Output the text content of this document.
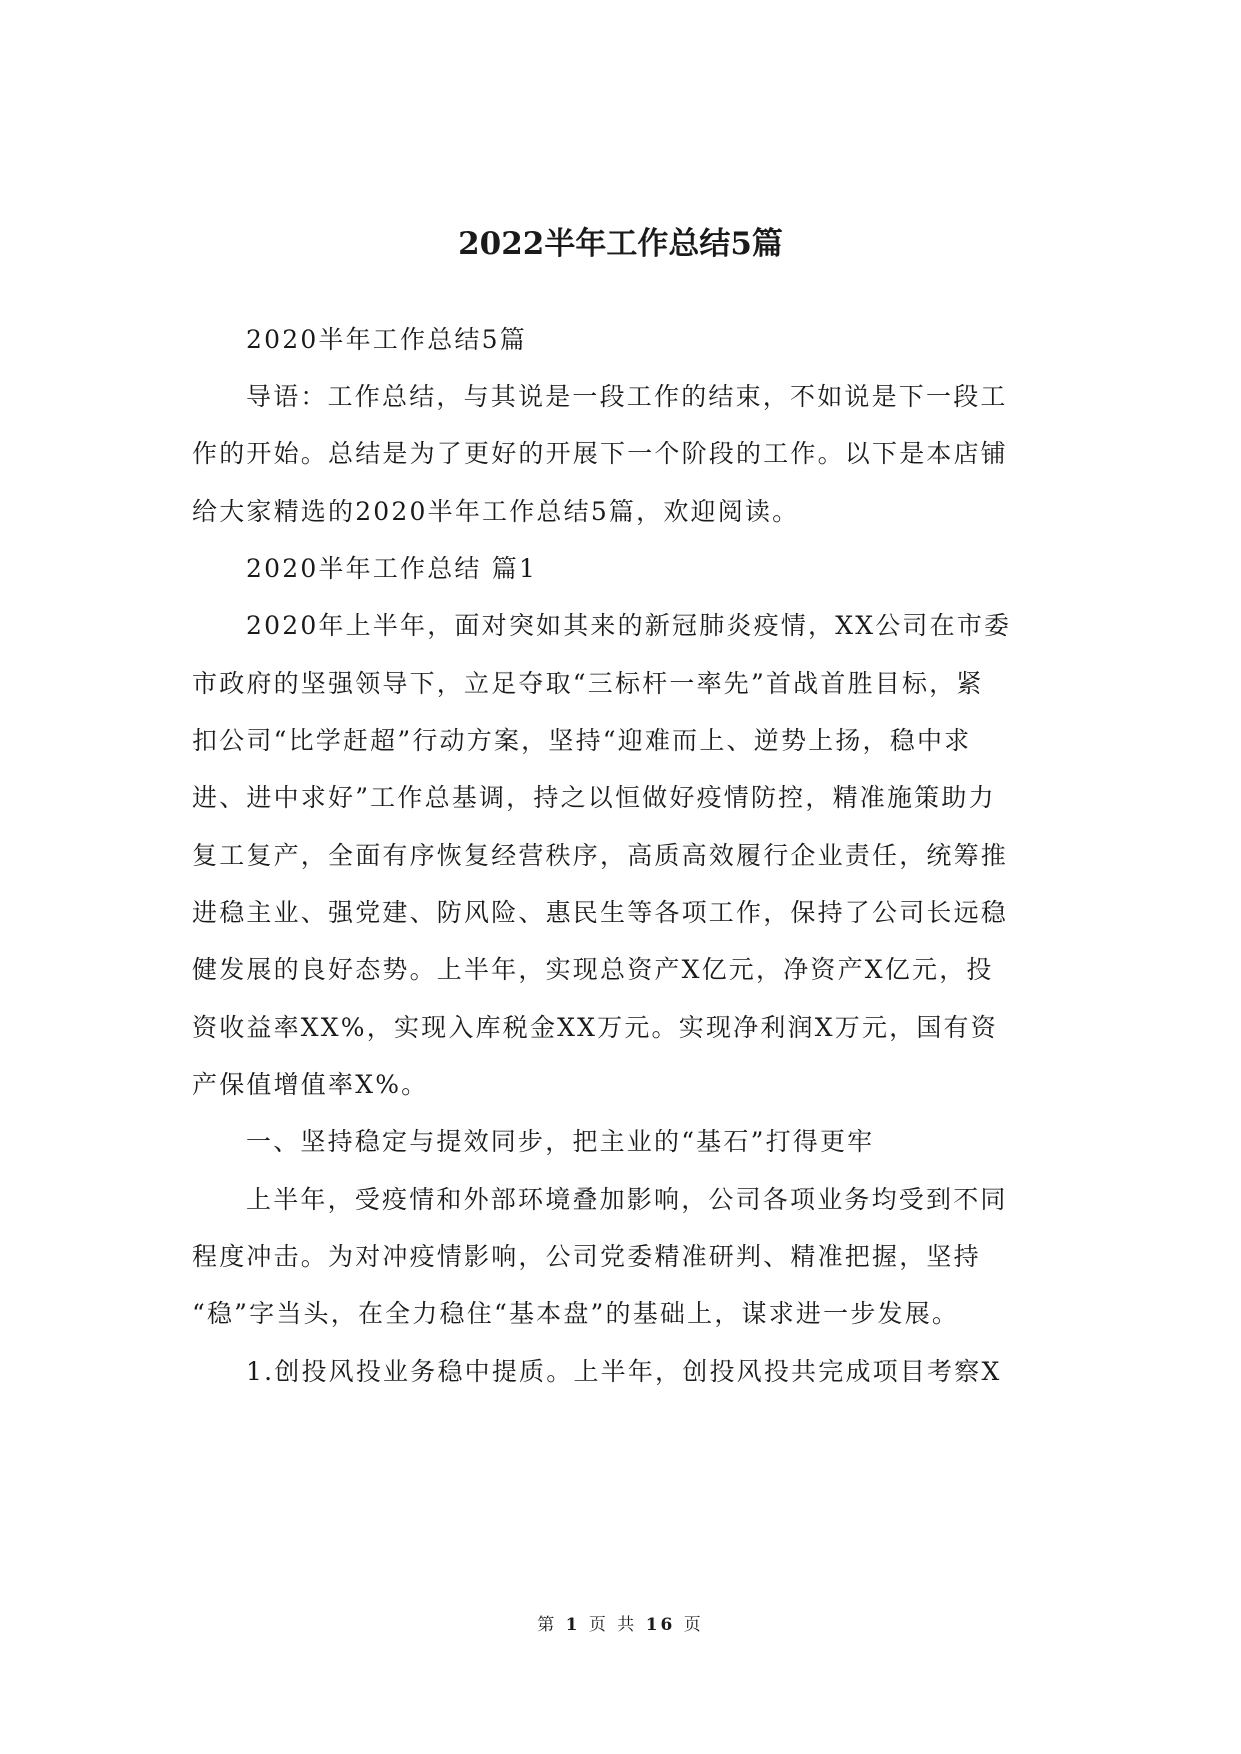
2022半年工作总结5篇
2020半年工作总结5篇
导语：工作总结，与其说是一段工作的结束，不如说是下一段工
作的开始。总结是为了更好的开展下一个阶段的工作。以下是本店铺
给大家精选的2020半年工作总结5篇，欢迎阅读。
2020半年工作总结 篇1
2020年上半年，面对突如其来的新冠肺炎疫情，XX公司在市委
市政府的坚强领导下，立足夺取“三标杆一率先”首战首胜目标，紧
扣公司“比学赶超”行动方案，坚持“迎难而上、逆势上扬，稳中求
进、进中求好”工作总基调，持之以恒做好疫情防控，精准施策助力
复工复产，全面有序恢复经营秩序，高质高效履行企业责任，统筹推
进稳主业、强党建、防风险、惠民生等各项工作，保持了公司长远稳
健发展的良好态势。上半年，实现总资产X亿元，净资产X亿元，投
资收益率XX%，实现入库税金XX万元。实现净利润X万元，国有资
产保值增值率X%。
一、坚持稳定与提效同步，把主业的“基石”打得更牢
上半年，受疫情和外部环境叠加影响，公司各项业务均受到不同
程度冲击。为对冲疫情影响，公司党委精准研判、精准把握，坚持
“稳”字当头，在全力稳住“基本盘”的基础上，谋求进一步发展。
1.创投风投业务稳中提质。上半年，创投风投共完成项目考察X
第 1 页 共 16 页
